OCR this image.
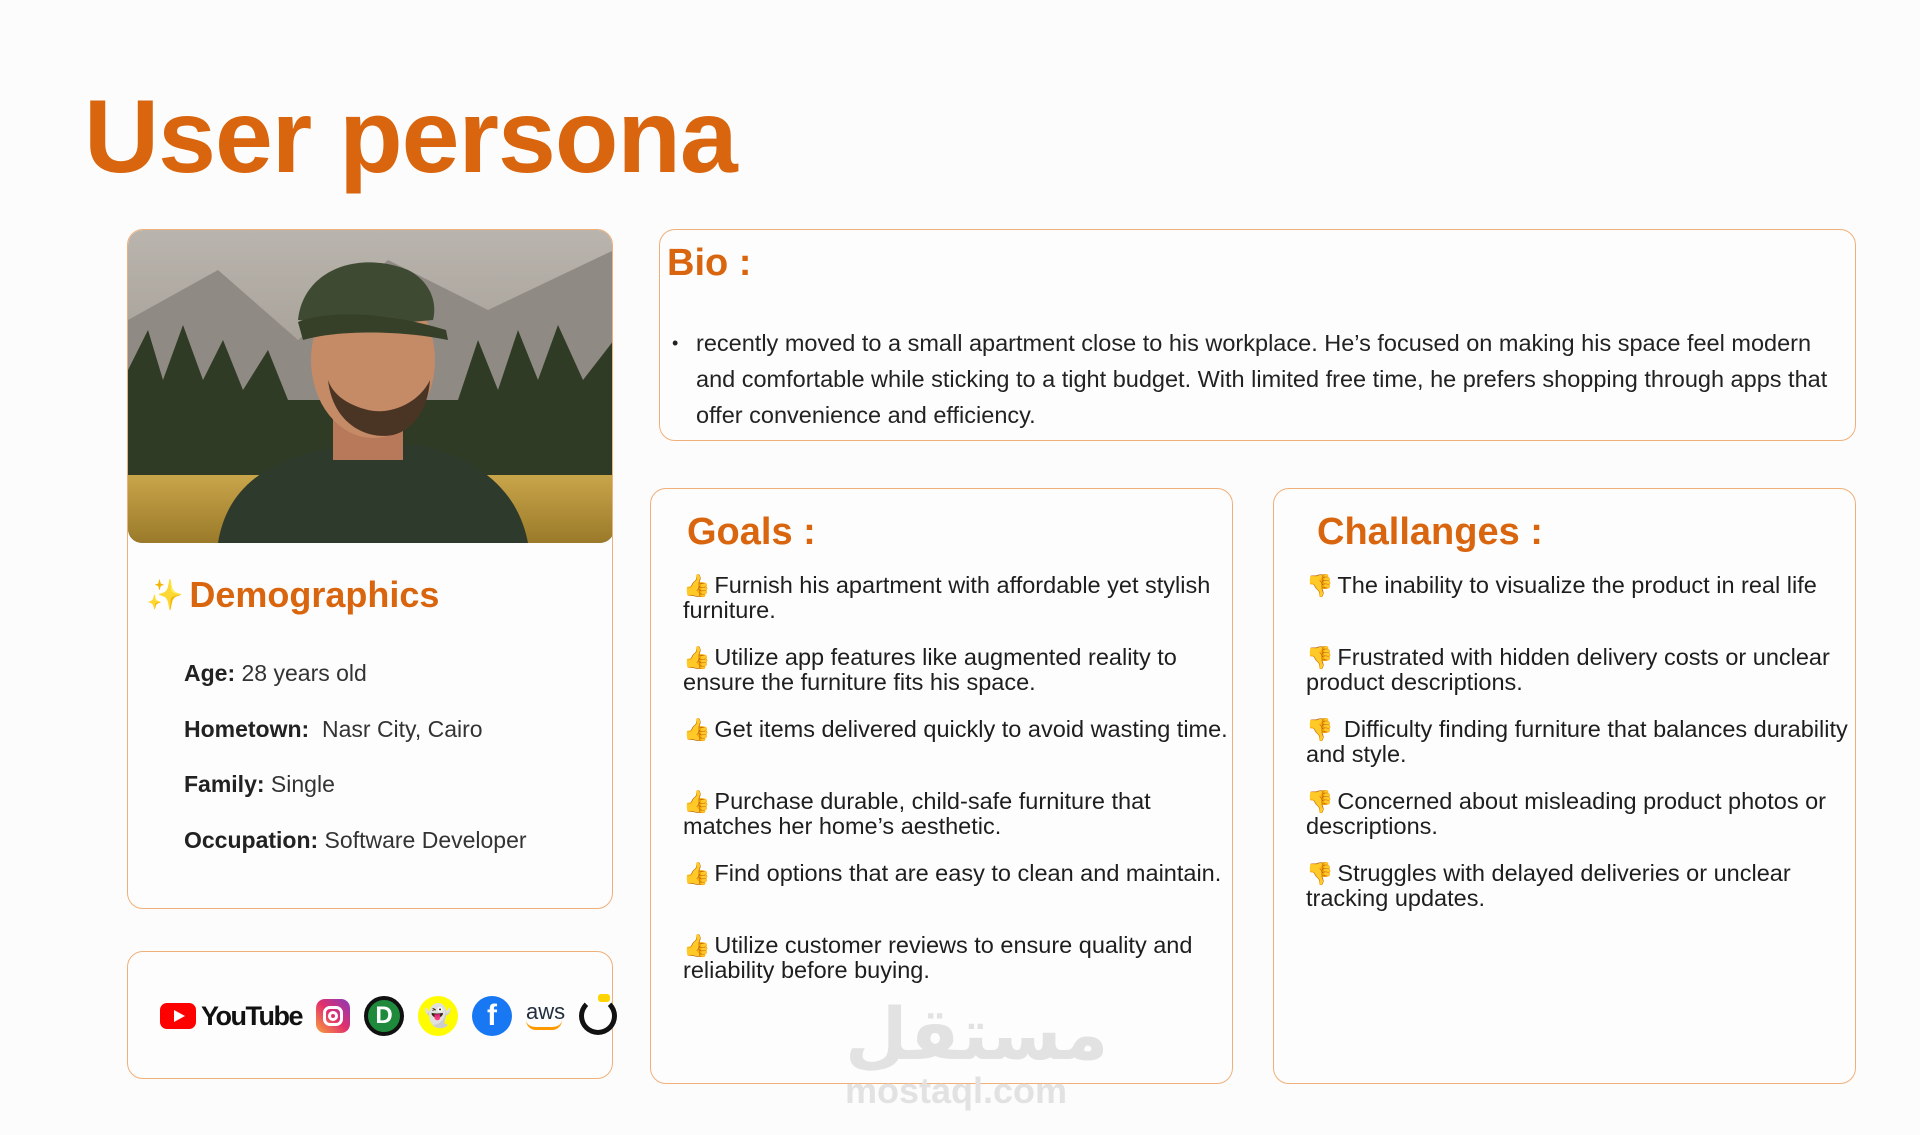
User persona
✨ Demographics
Age: 28 years old
Hometown:  Nasr City, Cairo
Family: Single
Occupation: Software Developer
YouTube	D	👻	f	aws
Bio :
• recently moved to a small apartment close to his workplace. He’s focused on making his space feel modern and comfortable while sticking to a tight budget. With limited free time, he prefers shopping through apps that offer convenience and efficiency.
Goals :
👍 Furnish his apartment with affordable yet stylish furniture.
👍 Utilize app features like augmented reality to ensure the furniture fits his space.
👍 Get items delivered quickly to avoid wasting time.
👍 Purchase durable, child-safe furniture that matches her home’s aesthetic.
👍 Find options that are easy to clean and maintain.
👍 Utilize customer reviews to ensure quality and reliability before buying.
Challanges :
👎 The inability to visualize the product in real life
👎 Frustrated with hidden delivery costs or unclear product descriptions.
👎 Difficulty finding furniture that balances durability and style.
👎 Concerned about misleading product photos or descriptions.
👎 Struggles with delayed deliveries or unclear tracking updates.
مستقل
mostaql.com
